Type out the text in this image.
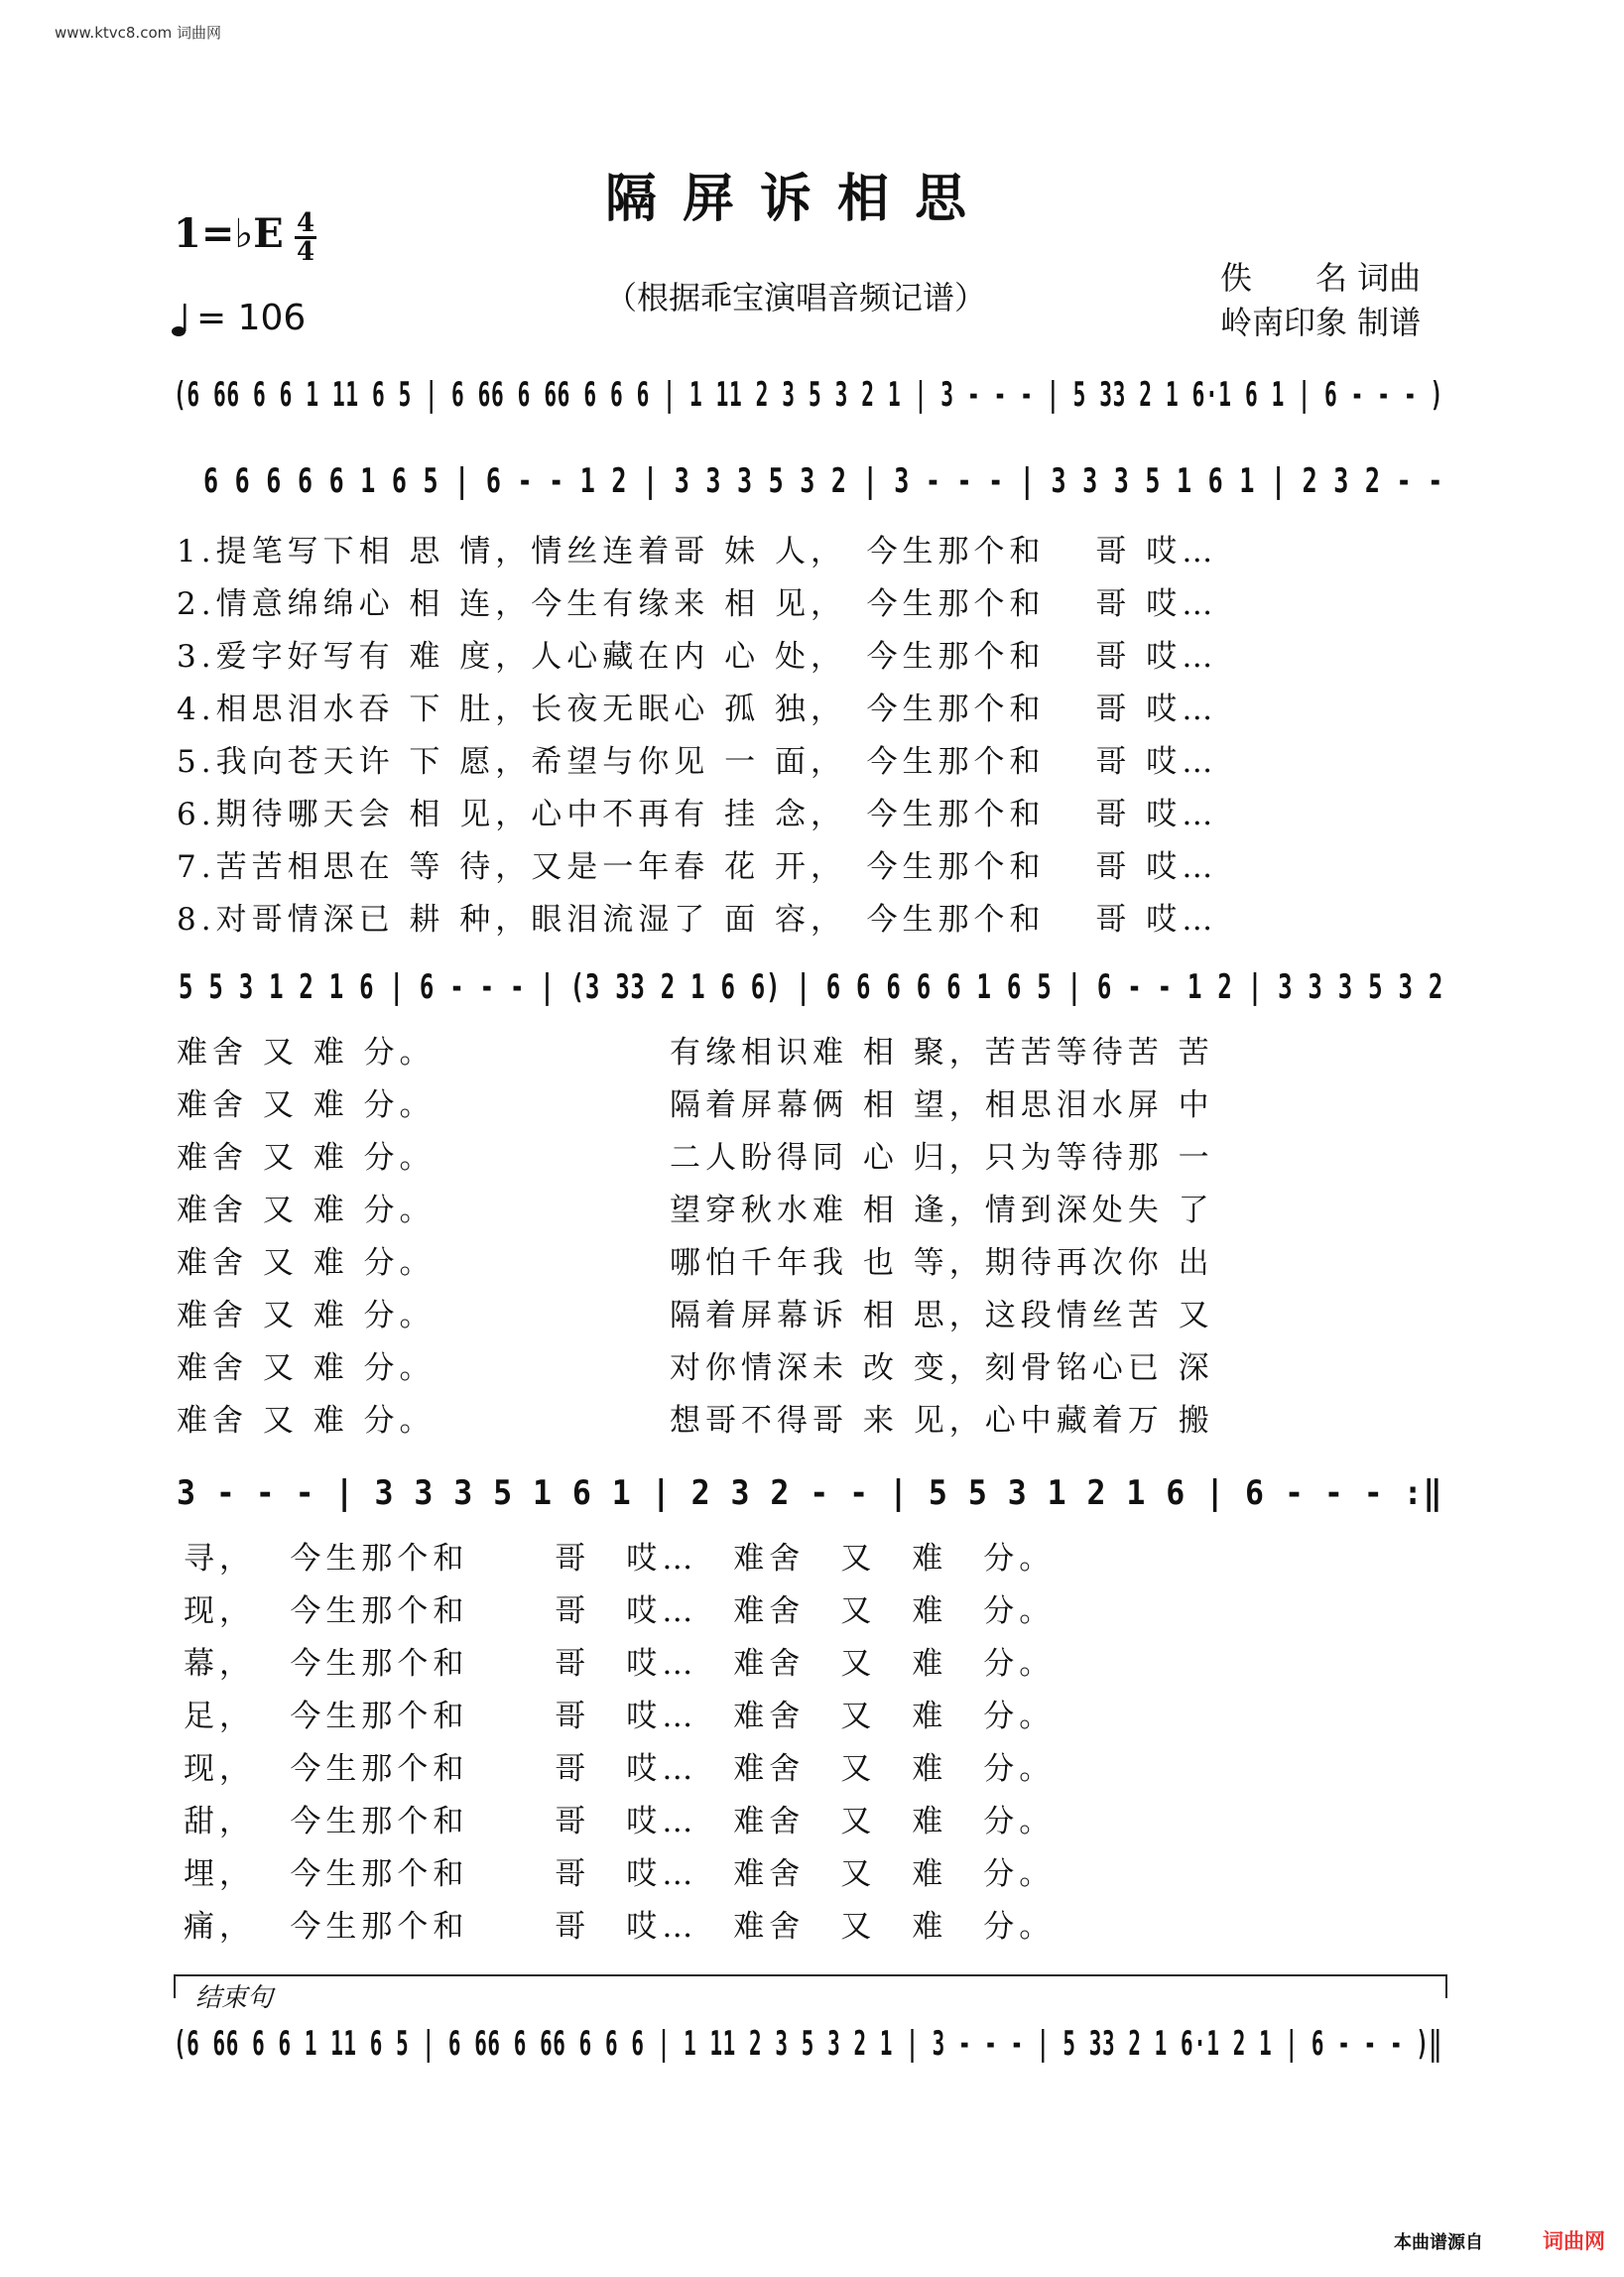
www.ktvc8.com 词曲网
隔屏诉相思
1=♭E 4
4
= 106	（根据乖宝演唱音频记谱）
佚　　名 词曲
岭南印象 制谱
(6 66 6 6 1 11 6 5 | 6 66 6 66 6 6 6 | 1 11 2 3 5 3 2 1 | 3 - - - | 5 33 2 1 6·1 6 1 | 6 - - - )
6 6 6 6 6 1 6 5 | 6 - - 1 2 | 3 3 3 5 3 2 | 3 - - - | 3 3 3 5 1 6 1 | 2 3 2 - -
1.提笔写下相 思 情，情丝连着哥 妹 人，　今生那个和　 哥 哎…
2.情意绵绵心 相 连，今生有缘来 相 见，　今生那个和　 哥 哎…
3.爱字好写有 难 度，人心藏在内 心 处，　今生那个和　 哥 哎…
4.相思泪水吞 下 肚，长夜无眠心 孤 独，　今生那个和　 哥 哎…
5.我向苍天许 下 愿，希望与你见 一 面，　今生那个和　 哥 哎…
6.期待哪天会 相 见，心中不再有 挂 念，　今生那个和　 哥 哎…
7.苦苦相思在 等 待，又是一年春 花 开，　今生那个和　 哥 哎…
8.对哥情深已 耕 种，眼泪流湿了 面 容，　今生那个和　 哥 哎…
5 5 3 1 2 1 6 | 6 - - - | (3 33 2 1 6 6) | 6 6 6 6 6 1 6 5 | 6 - - 1 2 | 3 3 3 5 3 2
难舍 又 难 分。　　　　　　　有缘相识难 相 聚，苦苦等待苦 苦
难舍 又 难 分。　　　　　　　隔着屏幕俩 相 望，相思泪水屏 中
难舍 又 难 分。　　　　　　　二人盼得同 心 归，只为等待那 一
难舍 又 难 分。　　　　　　　望穿秋水难 相 逢，情到深处失 了
难舍 又 难 分。　　　　　　　哪怕千年我 也 等，期待再次你 出
难舍 又 难 分。　　　　　　　隔着屏幕诉 相 思，这段情丝苦 又
难舍 又 难 分。　　　　　　　对你情深未 改 变，刻骨铭心已 深
难舍 又 难 分。　　　　　　　想哥不得哥 来 见，心中藏着万 搬
3 - - - | 3 3 3 5 1 6 1 | 2 3 2 - - | 5 5 3 1 2 1 6 | 6 - - - :‖
寻，　 今生那个和　　 哥　哎…　难舍　又　难　分。
现，　 今生那个和　　 哥　哎…　难舍　又　难　分。
幕，　 今生那个和　　 哥　哎…　难舍　又　难　分。
足，　 今生那个和　　 哥　哎…　难舍　又　难　分。
现，　 今生那个和　　 哥　哎…　难舍　又　难　分。
甜，　 今生那个和　　 哥　哎…　难舍　又　难　分。
埋，　 今生那个和　　 哥　哎…　难舍　又　难　分。
痛，　 今生那个和　　 哥　哎…　难舍　又　难　分。
结束句
(6 66 6 6 1 11 6 5 | 6 66 6 66 6 6 6 | 1 11 2 3 5 3 2 1 | 3 - - - | 5 33 2 1 6·1 2 1 | 6 - - - )‖
本曲谱源自	词曲网
